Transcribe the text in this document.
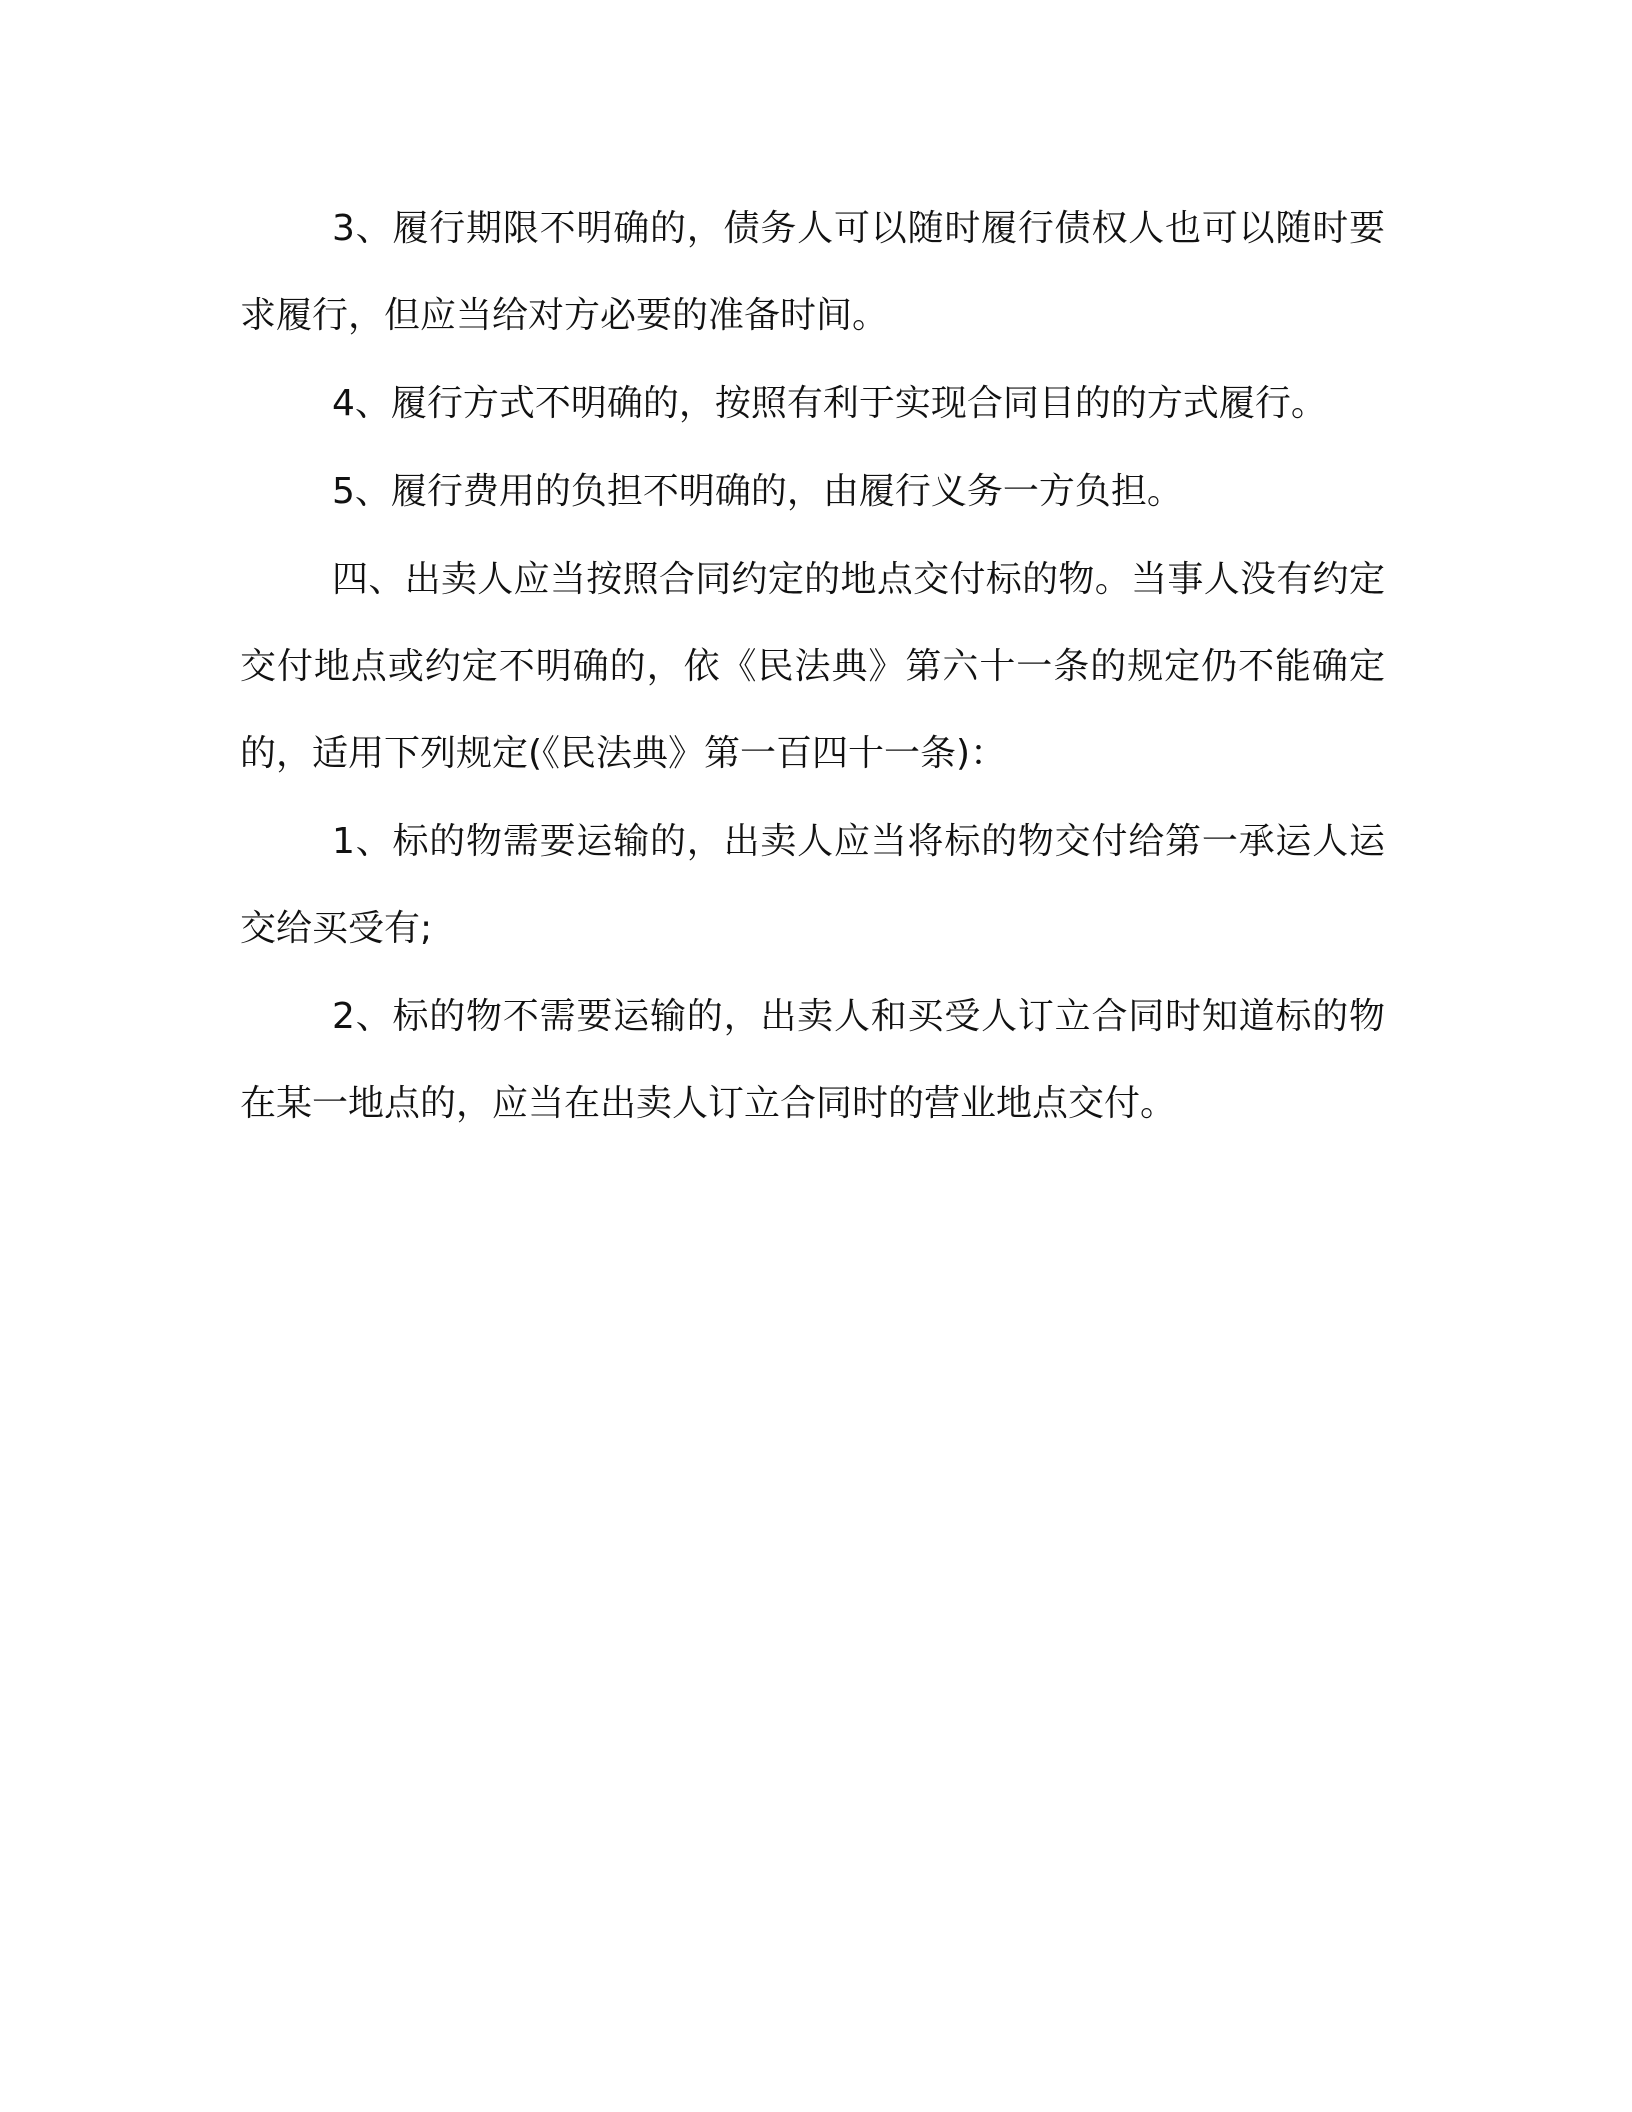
3、履行期限不明确的，债务人可以随时履行债权人也可以随时要求履行，但应当给对方必要的准备时间。

4、履行方式不明确的，按照有利于实现合同目的的方式履行。

5、履行费用的负担不明确的，由履行义务一方负担。

四、出卖人应当按照合同约定的地点交付标的物。当事人没有约定交付地点或约定不明确的，依《民法典》第六十一条的规定仍不能确定的，适用下列规定(《民法典》第一百四十一条)：

1、标的物需要运输的，出卖人应当将标的物交付给第一承运人运交给买受有;

2、标的物不需要运输的，出卖人和买受人订立合同时知道标的物在某一地点的，应当在出卖人订立合同时的营业地点交付。
